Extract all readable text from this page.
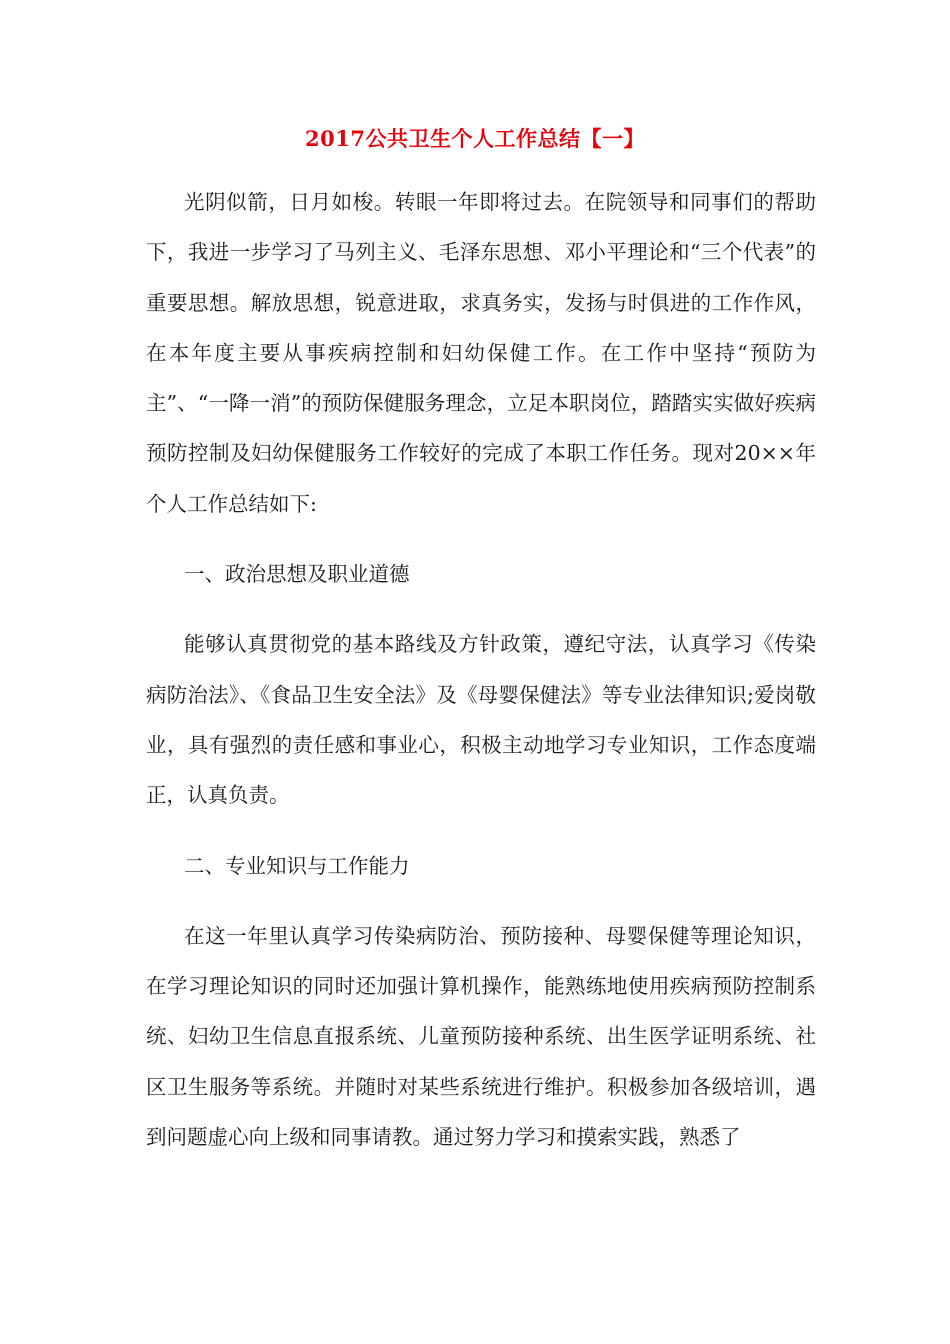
2017公共卫生个人工作总结【一】

光阴似箭，日月如梭。转眼一年即将过去。在院领导和同事们的帮助下，我进一步学习了马列主义、毛泽东思想、邓小平理论和“三个代表”的重要思想。解放思想，锐意进取，求真务实，发扬与时俱进的工作作风，在本年度主要从事疾病控制和妇幼保健工作。在工作中坚持“预防为主”、“一降一消”的预防保健服务理念，立足本职岗位，踏踏实实做好疾病预防控制及妇幼保健服务工作较好的完成了本职工作任务。现对20××年个人工作总结如下:

一、政治思想及职业道德

能够认真贯彻党的基本路线及方针政策，遵纪守法，认真学习《传染病防治法》、《食品卫生安全法》及《母婴保健法》等专业法律知识;爱岗敬业，具有强烈的责任感和事业心，积极主动地学习专业知识，工作态度端正，认真负责。

二、专业知识与工作能力

在这一年里认真学习传染病防治、预防接种、母婴保健等理论知识，在学习理论知识的同时还加强计算机操作，能熟练地使用疾病预防控制系统、妇幼卫生信息直报系统、儿童预防接种系统、出生医学证明系统、社区卫生服务等系统。并随时对某些系统进行维护。积极参加各级培训，遇到问题虚心向上级和同事请教。通过努力学习和摸索实践，熟悉了
